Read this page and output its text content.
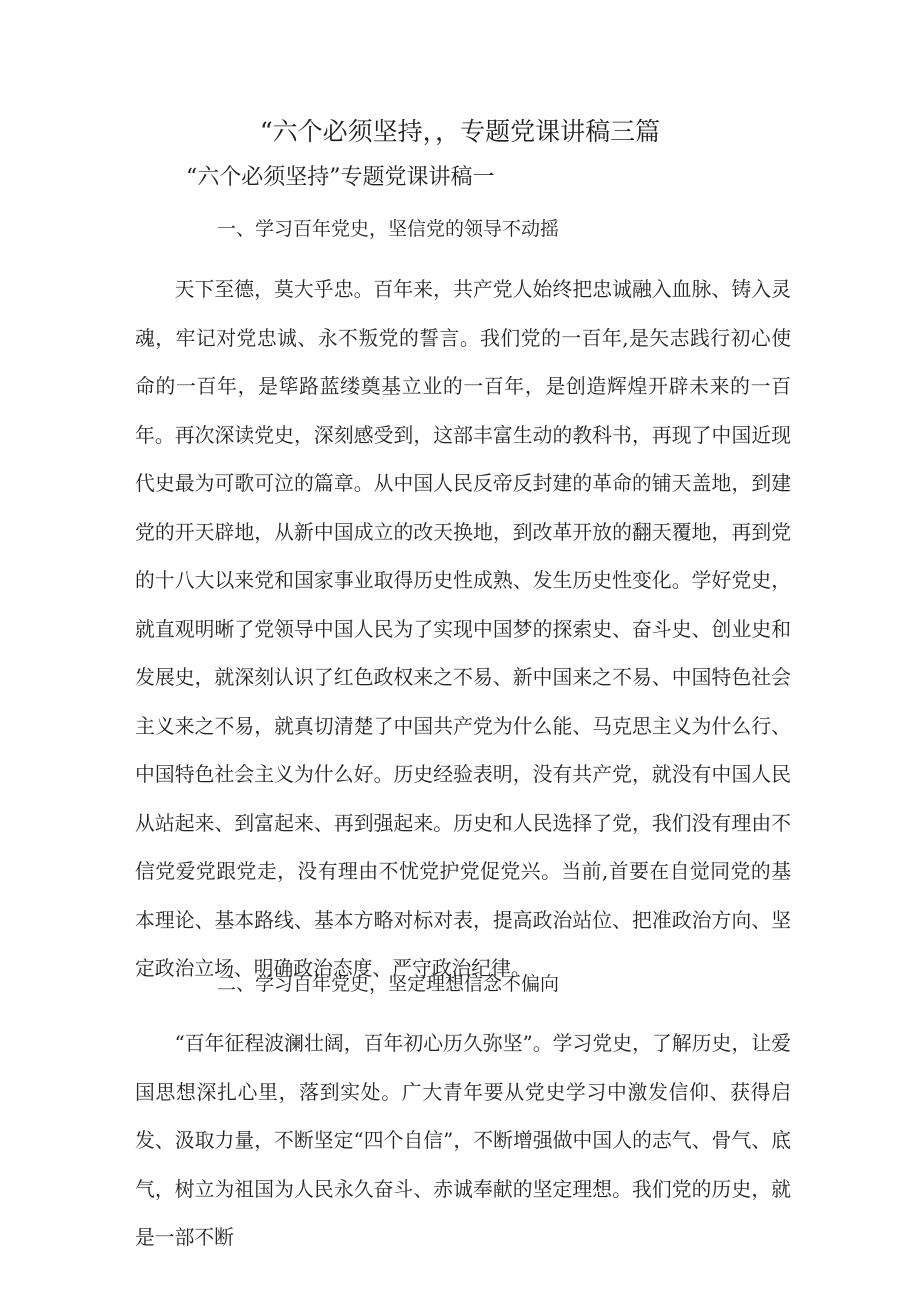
“六个必须坚持，，专题党课讲稿三篇
“六个必须坚持”专题党课讲稿一
一、学习百年党史，坚信党的领导不动摇

天下至德，莫大乎忠。百年来，共产党人始终把忠诚融入血脉、铸入灵魂，牢记对党忠诚、永不叛党的誓言。我们党的一百年,是矢志践行初心使命的一百年，是筚路蓝缕奠基立业的一百年，是创造辉煌开辟未来的一百年。再次深读党史，深刻感受到，这部丰富生动的教科书，再现了中国近现代史最为可歌可泣的篇章。从中国人民反帝反封建的革命的铺天盖地，到建党的开天辟地，从新中国成立的改天换地，到改革开放的翻天覆地，再到党的十八大以来党和国家事业取得历史性成熟、发生历史性变化。学好党史，就直观明晰了党领导中国人民为了实现中国梦的探索史、奋斗史、创业史和发展史，就深刻认识了红色政权来之不易、新中国来之不易、中国特色社会主义来之不易，就真切清楚了中国共产党为什么能、马克思主义为什么行、中国特色社会主义为什么好。历史经验表明，没有共产党，就没有中国人民从站起来、到富起来、再到强起来。历史和人民选择了党，我们没有理由不信党爱党跟党走，没有理由不忧党护党促党兴。当前,首要在自觉同党的基本理论、基本路线、基本方略对标对表，提高政治站位、把准政治方向、坚定政治立场、明确政治态度、严守政治纪律。

二、学习百年党史，坚定理想信念不偏向

“百年征程波澜壮阔，百年初心历久弥坚”。学习党史，了解历史，让爱国思想深扎心里，落到实处。广大青年要从党史学习中激发信仰、获得启发、汲取力量，不断坚定“四个自信”，不断增强做中国人的志气、骨气、底气，树立为祖国为人民永久奋斗、赤诚奉献的坚定理想。我们党的历史，就是一部不断
